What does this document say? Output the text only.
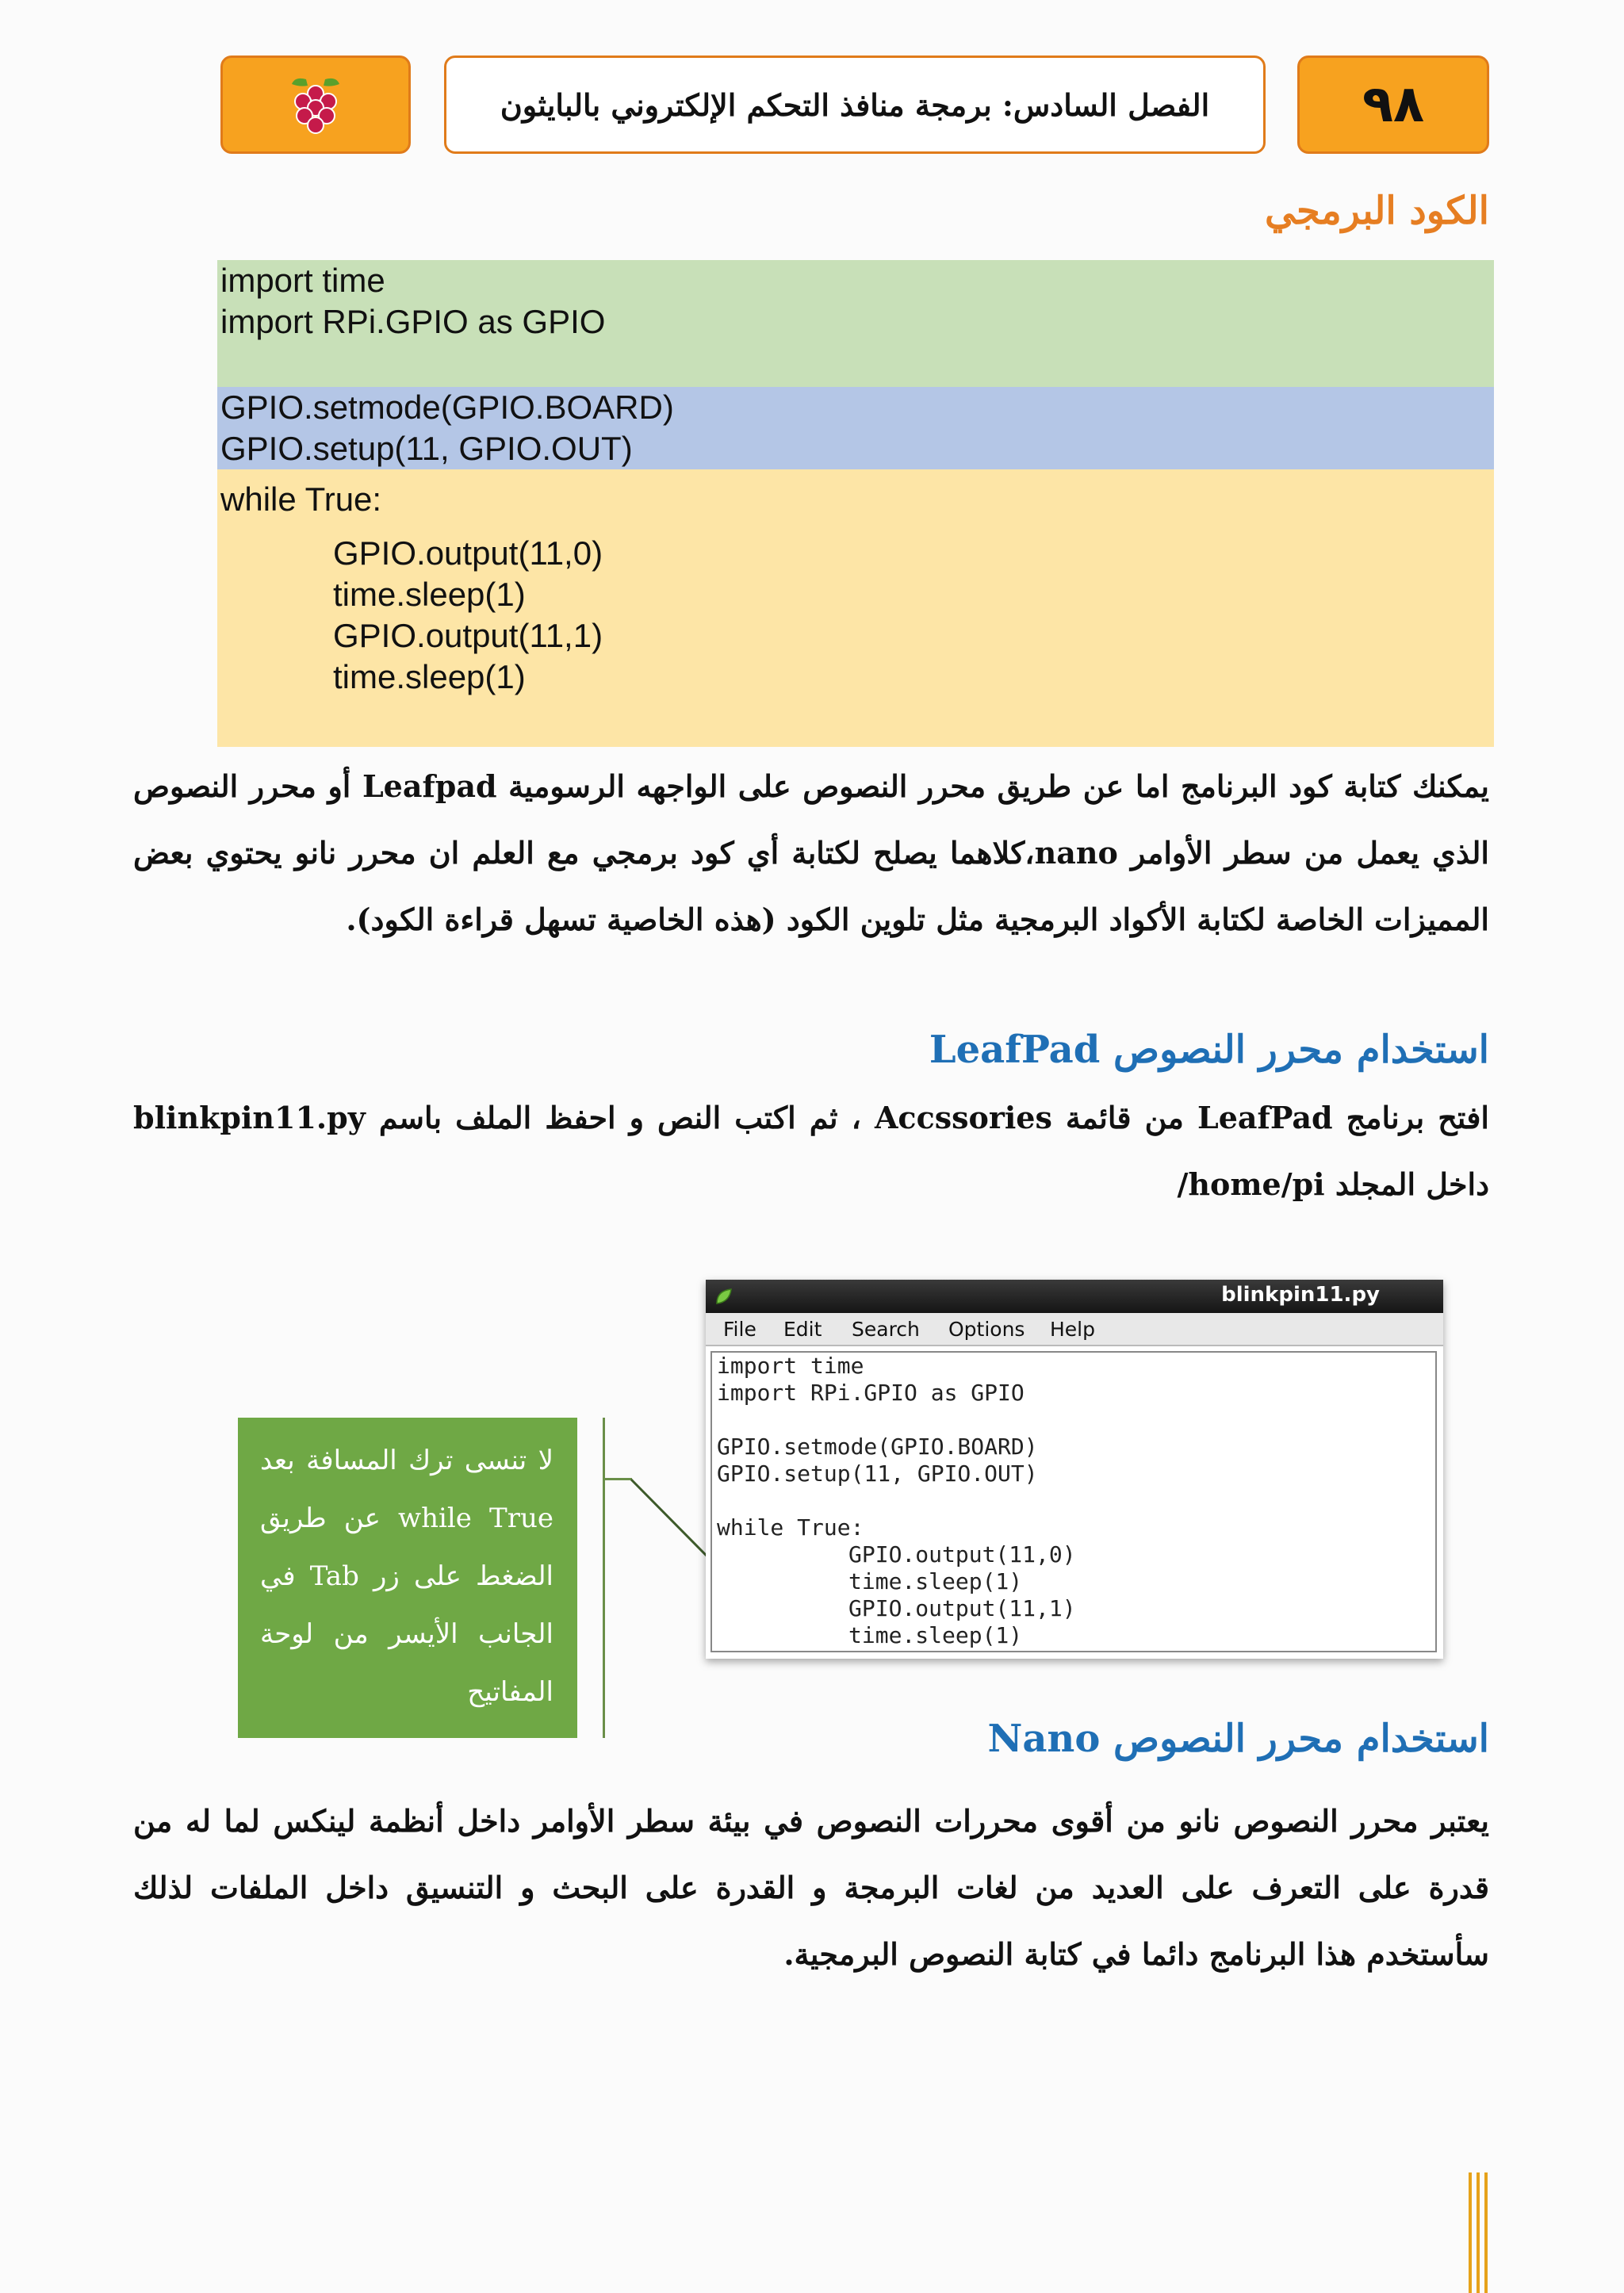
الفصل السادس: برمجة منافذ التحكم الإلكتروني بالبايثون	٩٨
الكود البرمجي
import time
import RPi.GPIO as GPIO
GPIO.setmode(GPIO.BOARD)
GPIO.setup(11, GPIO.OUT)
while True:
GPIO.output(11,0)
time.sleep(1)
GPIO.output(11,1)
time.sleep(1)
يمكنك كتابة كود البرنامج اما عن طريق محرر النصوص على الواجهه الرسومية Leafpad أو محرر النصوص الذي يعمل من سطر الأوامر nano،كلاهما يصلح لكتابة أي كود برمجي مع العلم ان محرر نانو يحتوي بعض المميزات الخاصة لكتابة الأكواد البرمجية مثل تلوين الكود (هذه الخاصية تسهل قراءة الكود).
استخدام محرر النصوص LeafPad
افتح برنامج LeafPad من قائمة Accssories ، ثم اكتب النص و احفظ الملف باسم blinkpin11.py داخل المجلد home/pi/
لا تنسى ترك المسافة بعد while True عن طريق الضغط على زر Tab في الجانب الأيسر من لوحة المفاتيح
blinkpin11.py
File Edit Search Options Help
import time
import RPi.GPIO as GPIO
GPIO.setmode(GPIO.BOARD)
GPIO.setup(11, GPIO.OUT)
while True:
GPIO.output(11,0)
time.sleep(1)
GPIO.output(11,1)
time.sleep(1)
استخدام محرر النصوص Nano
يعتبر محرر النصوص نانو من أقوى محررات النصوص في بيئة سطر الأوامر داخل أنظمة لينكس لما له من قدرة على التعرف على العديد من لغات البرمجة و القدرة على البحث و التنسيق داخل الملفات لذلك سأستخدم هذا البرنامج دائما في كتابة النصوص البرمجية.
